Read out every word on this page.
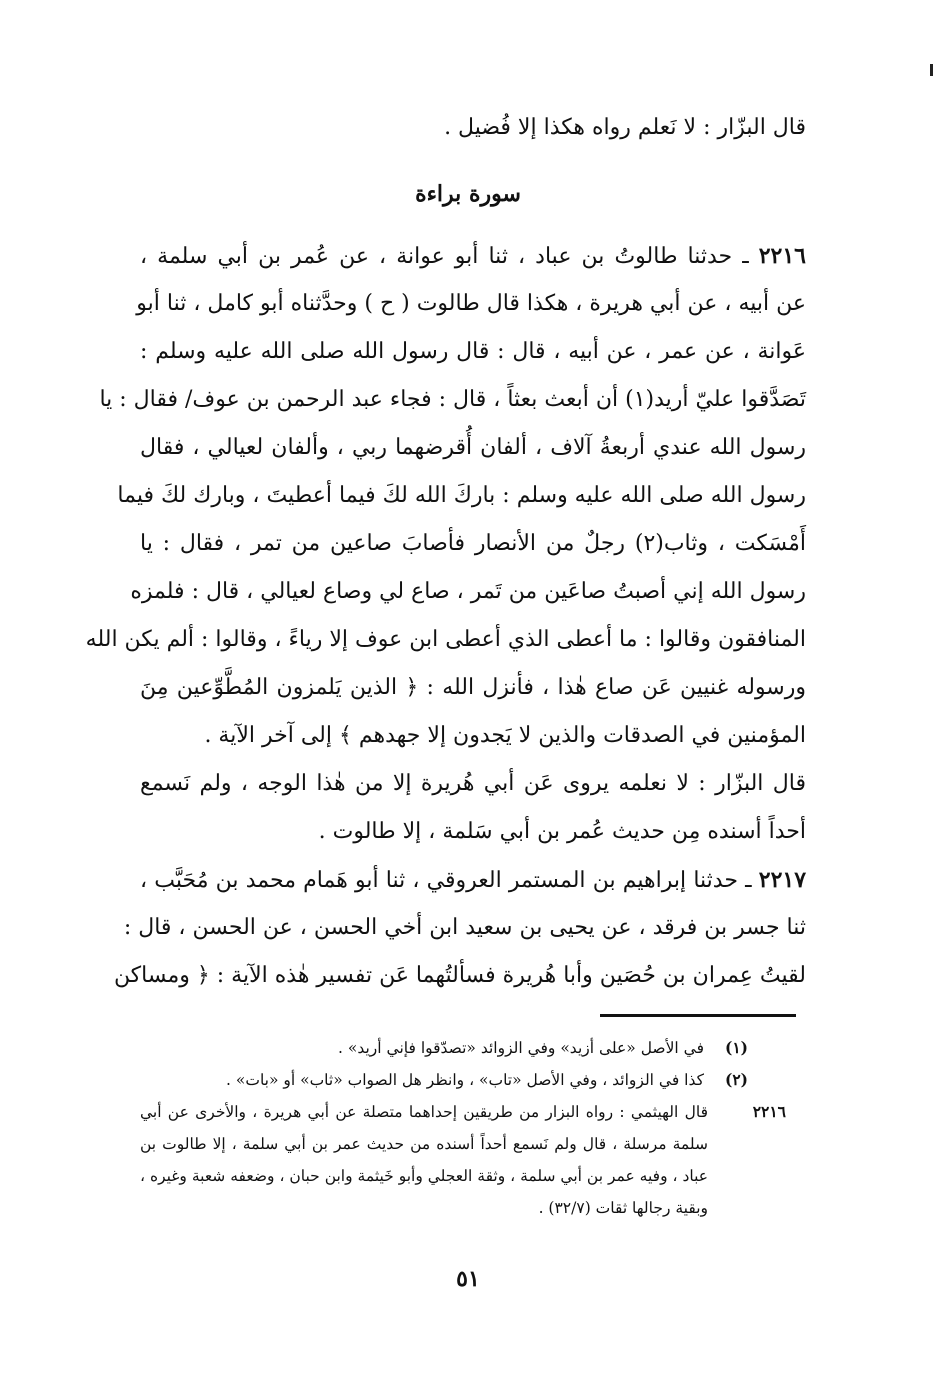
قال البزّار : لا نَعلم رواه هكذا إلا فُضيل .
سورة براءة
٢٢١٦ ـ حدثنا طالوتُ بن عباد ، ثنا أبو عوانة ، عن عُمر بن أبي سلمة ،
عن أبيه ، عن أبي هريرة ، هكذا قال طالوت ( ح ) وحدَّثناه أبو كامل ، ثنا أبو
عَوانة ، عن عمر ، عن أبيه ، قال : قال رسول الله صلى الله عليه وسلم :
تَصَدَّقوا عليّ أريد(١) أن أبعث بعثاً ، قال : فجاء عبد الرحمن بن عوف/ فقال : يا
رسول الله عندي أربعةُ آلاف ، ألفان أُقرضهما ربي ، وألفان لعيالي ، فقال
رسول الله صلى الله عليه وسلم : باركَ الله لكَ فيما أعطيتَ ، وبارك لكَ فيما
أَمْسَكت ، وثاب(٢) رجلٌ من الأنصار فأصابَ صاعين من تمر ، فقال : يا
رسول الله إني أصبتُ صاعَين من تَمر ، صاع لي وصاع لعيالي ، قال : فلمزه
المنافقون وقالوا : ما أعطى الذي أعطى ابن عوف إلا رياءً ، وقالوا : ألم يكن الله
ورسوله غنيين عَن صاع هٰذا ، فأنزل الله : ﴿ الذين يَلمزون المُطَّوِّعين مِنَ
المؤمنين في الصدقات والذين لا يَجدون إلا جهدهم ﴾ إلى آخر الآية .
قال البزّار : لا نعلمه يروى عَن أبي هُريرة إلا من هٰذا الوجه ، ولم نَسمع
أحداً أسنده مِن حديث عُمر بن أبي سَلمة ، إلا طالوت .
٢٢١٧ ـ حدثنا إبراهيم بن المستمر العروقي ، ثنا أبو هَمام محمد بن مُحَبَّب ،
ثنا جسر بن فرقد ، عن يحيى بن سعيد ابن أخي الحسن ، عن الحسن ، قال :
لقيتُ عِمران بن حُصَين وأبا هُريرة فسألتُهما عَن تفسير هٰذه الآية : ﴿ ومساكن
(١)
في الأصل «على أزيد» وفي الزوائد «تصدّقوا فإني أريد» .
(٢)
كذا في الزوائد ، وفي الأصل «تاب» ، وانظر هل الصواب «ثاب» أو «بات» .
٢٢١٦
قال الهيثمي : رواه البزار من طريقين إحداهما متصلة عن أبي هريرة ، والأخرى عن أبي
سلمة مرسلة ، قال ولم نَسمع أحداً أسنده من حديث عمر بن أبي سلمة ، إلا طالوت بن
عباد ، وفيه عمر بن أبي سلمة ، وثقة العجلي وأبو خَيثمة وابن حبان ، وضعفه شعبة وغيره ،
وبقية رجالها ثقات (٣٢/٧) .
٥١
